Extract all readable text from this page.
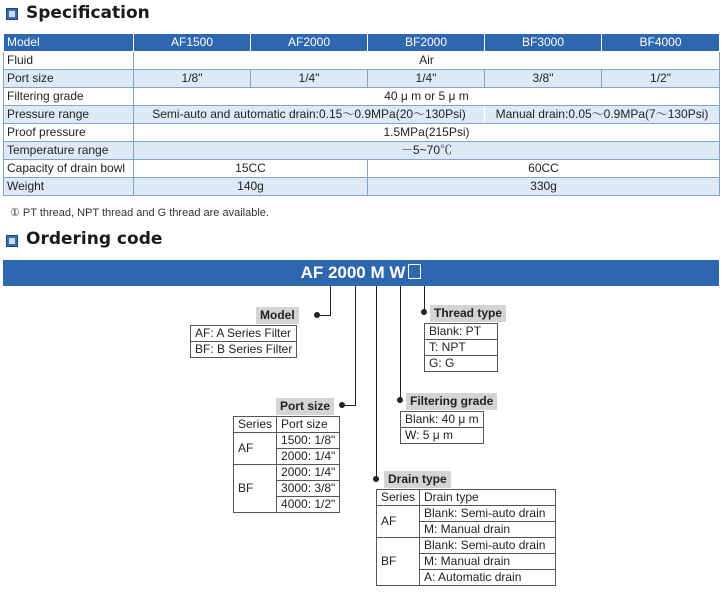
Specification
Model	AF1500	AF2000	BF2000	BF3000	BF4000
Fluid	Air				
Port size	1/8"	1/4"	1/4"	3/8"	1/2"
Filtering grade	40 μ m or 5 μ m				
Pressure range	Semi-auto and automatic drain:0.15～0.9MPa(20～130Psi)			Manual drain:0.05～0.9MPa(7～130Psi)	
Proof pressure	1.5MPa(215Psi)				
Temperature range	－5~70℃				
Capacity of drain bowl	15CC		60CC		
Weight	140g		330g		
① PT thread, NPT thread and G thread are available.
Ordering code
AF 2000 M W
Model
AF: A Series Filter
BF: B Series Filter
Thread type
Blank: PT
T: NPT
G: G
Port size
Series	Port size
AF	1500: 1/8"
	2000: 1/4"
BF	2000: 1/4"
	3000: 3/8"
	4000: 1/2"
Filtering grade
Blank: 40 μ m
W: 5 μ m
Drain type
Series	Drain type
AF	Blank: Semi-auto drain
	M: Manual drain
BF	Blank: Semi-auto drain
	M: Manual drain
	A: Automatic drain
